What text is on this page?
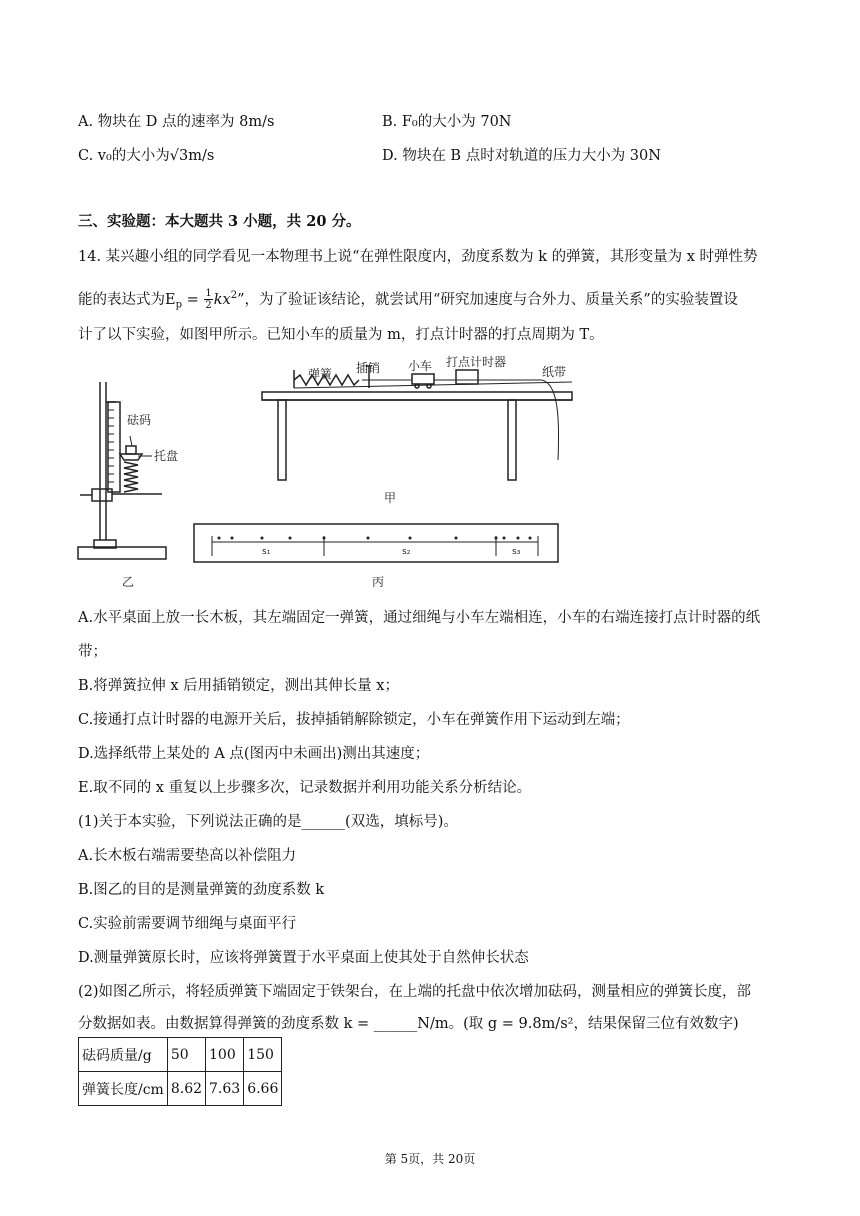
A. 物块在 D 点的速率为 8m/s	B. F₀的大小为 70N
C. v₀的大小为√3m/s	D. 物块在 B 点时对轨道的压力大小为 30N
三、实验题：本大题共 3 小题，共 20 分。
14. 某兴趣小组的同学看见一本物理书上说“在弹性限度内，劲度系数为 k 的弹簧，其形变量为 x 时弹性势
能的表达式为$E_p = \frac{1}{2} kx^2$”，为了验证该结论，就尝试用“研究加速度与合外力、质量关系”的实验装置设
计了以下实验，如图甲所示。已知小车的质量为 m，打点计时器的打点周期为 T。
砝码
托盘
乙
弹簧 插销 小车 打点计时器
纸带
甲
丙
s₁	s₂	s₃
A.水平桌面上放一长木板，其左端固定一弹簧，通过细绳与小车左端相连，小车的右端连接打点计时器的纸
带；
B.将弹簧拉伸 x 后用插销锁定，测出其伸长量 x；
C.接通打点计时器的电源开关后，拔掉插销解除锁定，小车在弹簧作用下运动到左端；
D.选择纸带上某处的 A 点(图丙中未画出)测出其速度；
E.取不同的 x 重复以上步骤多次，记录数据并利用功能关系分析结论。
(1)关于本实验，下列说法正确的是______(双选，填标号)。
A.长木板右端需要垫高以补偿阻力
B.图乙的目的是测量弹簧的劲度系数 k
C.实验前需要调节细绳与桌面平行
D.测量弹簧原长时，应该将弹簧置于水平桌面上使其处于自然伸长状态
(2)如图乙所示，将轻质弹簧下端固定于铁架台，在上端的托盘中依次增加砝码，测量相应的弹簧长度，部
分数据如表。由数据算得弹簧的劲度系数 k = ______N/m。(取 g = 9.8m/s²，结果保留三位有效数字)
砝码质量/g	50	100	150
弹簧长度/cm	8.62	7.63	6.66
第 5页，共 20页
